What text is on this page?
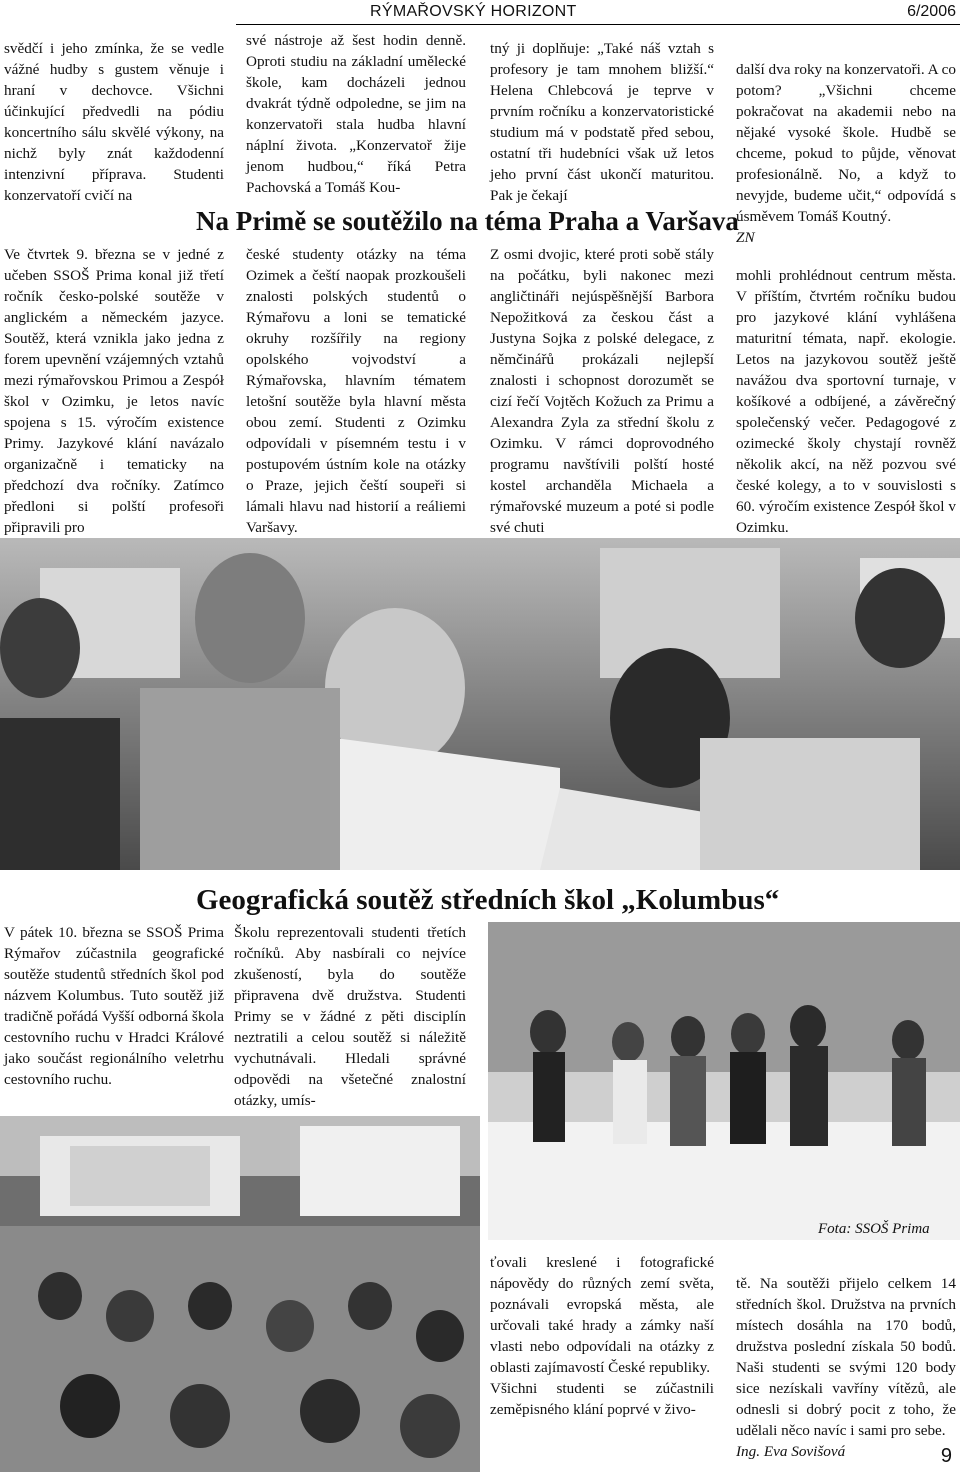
RÝMAŘOVSKÝ HORIZONT	6/2006
svědčí i jeho zmínka, že se vedle vážné hudby s gustem věnuje i hraní v dechovce. Všichni účinkující předvedli na pódiu koncertního sálu skvělé výkony, na nichž byly znát každodenní intenzivní příprava. Studenti konzervatoří cvičí na
své nástroje až šest hodin denně. Oproti studiu na základní umělecké škole, kam docházeli jednou dvakrát týdně odpoledne, se jim na konzervatoři stala hudba hlavní náplní života. „Konzervatoř žije jenom hudbou,“ říká Petra Pachovská a Tomáš Kou-
tný ji doplňuje: „Také náš vztah s profesory je tam mnohem bližší.“ Helena Chlebcová je teprve v prvním ročníku a konzervatoristické studium má v podstatě před sebou, ostatní tři hudebníci však už letos jeho první část ukončí maturitou. Pak je čekají

další dva roky na konzervatoři. A co potom? „Všichni chceme pokračovat na akademii nebo na nějaké vysoké škole. Hudbě se chceme, pokud to půjde, věnovat profesionálně. No, a když to nevyjde, budeme učit,“ odpovídá s úsměvem Tomáš Koutný.
ZN

Na Primě se soutěžilo na téma Praha a Varšava
Ve čtvrtek 9. března se v jedné z učeben SSOŠ Prima konal již třetí ročník česko-polské soutěže v anglickém a německém jazyce. Soutěž, která vznikla jako jedna z forem upevnění vzájemných vztahů mezi rýmařovskou Primou a Zespół škol v Ozimku, je letos navíc spojena s 15. výročím existence Primy. Jazykové klání navázalo organizačně i tematicky na předchozí dva ročníky. Zatímco předloni si polští profesoři připravili pro
české studenty otázky na téma Ozimek a čeští naopak prozkoušeli znalosti polských studentů o Rýmařovu a loni se tematické okruhy rozšířily na regiony opolského vojvodství a Rýmařovska, hlavním tématem letošní soutěže byla hlavní města obou zemí. Studenti z Ozimku odpovídali v písemném testu i v postupovém ústním kole na otázky o Praze, jejich čeští soupeři si lámali hlavu nad historií a reáliemi Varšavy.
Z osmi dvojic, které proti sobě stály na počátku, byli nakonec mezi angličtináři nejúspěšnější Barbora Nepožitková za českou část a Justyna Sojka z polské delegace, z němčinářů prokázali nejlepší znalosti i schopnost dorozumět se cizí řečí Vojtěch Kožuch za Primu a Alexandra Zyla za střední školu z Ozimku. V rámci doprovodného programu navštívili polští hosté kostel archanděla Michaela a rýmařovské muzeum a poté si podle své chuti

mohli prohlédnout centrum města. V příštím, čtvrtém ročníku budou pro jazykové klání vyhlášena maturitní témata, např. ekologie. Letos na jazykovou soutěž ještě navážou dva sportovní turnaje, v košíkové a odbíjené, a závěrečný společenský večer. Pedagogové z ozimecké školy chystají rovněž několik akcí, na něž pozvou své české kolegy, a to v souvislosti s 60. výročím existence Zespół škol v Ozimku.

Geografická soutěž středních škol „Kolumbus“
V pátek 10. března se SSOŠ Prima Rýmařov zúčastnila geografické soutěže studentů středních škol pod názvem Kolumbus. Tuto soutěž již tradičně pořádá Vyšší odborná škola cestovního ruchu v Hradci Králové jako součást regionálního veletrhu cestovního ruchu.
Školu reprezentovali studenti třetích ročníků. Aby nasbírali co nejvíce zkušeností, byla do soutěže připravena dvě družstva. Studenti Primy se v žádné z pěti disciplín neztratili a celou soutěž si náležitě vychutnávali. Hledali správné odpovědi na všetečné znalostní otázky, umís-
Fota: SSOŠ Prima
ťovali kreslené i fotografické nápovědy do různých zemí světa, poznávali evropská města, ale určovali také hrady a zámky naší vlasti nebo odpovídali na otázky z oblasti zajímavostí České republiky.
Všichni studenti se zúčastnili zeměpisného klání poprvé v živo-

tě. Na soutěži přijelo celkem 14 středních škol. Družstva na prvních místech dosáhla na 170 bodů, družstva poslední získala 50 bodů. Naši studenti se svými 120 body sice nezískali vavříny vítězů, ale odnesli si dobrý pocit z toho, že udělali něco navíc i sami pro sebe.
Ing. Eva Sovišová	9
